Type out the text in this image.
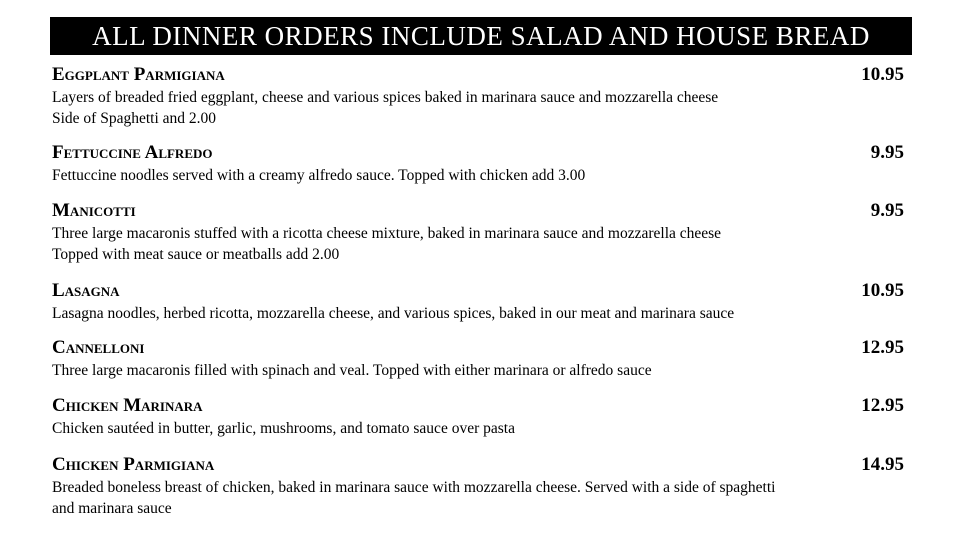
ALL DINNER ORDERS INCLUDE SALAD AND HOUSE BREAD
Eggplant Parmigiana	10.95
Layers of breaded fried eggplant, cheese and various spices baked in marinara sauce and mozzarella cheese
Side of Spaghetti and 2.00
Fettuccine Alfredo	9.95
Fettuccine noodles served with a creamy alfredo sauce. Topped with chicken add 3.00
Manicotti	9.95
Three large macaronis stuffed with a ricotta cheese mixture, baked in marinara sauce and mozzarella cheese
Topped with meat sauce or meatballs add 2.00
Lasagna	10.95
Lasagna noodles, herbed ricotta, mozzarella cheese, and various spices, baked in our meat and marinara sauce
Cannelloni	12.95
Three large macaronis filled with spinach and veal. Topped with either marinara or alfredo sauce
Chicken Marinara	12.95
Chicken sautéed in butter, garlic, mushrooms, and tomato sauce over pasta
Chicken Parmigiana	14.95
Breaded boneless breast of chicken, baked in marinara sauce with mozzarella cheese. Served with a side of spaghetti
and marinara sauce
